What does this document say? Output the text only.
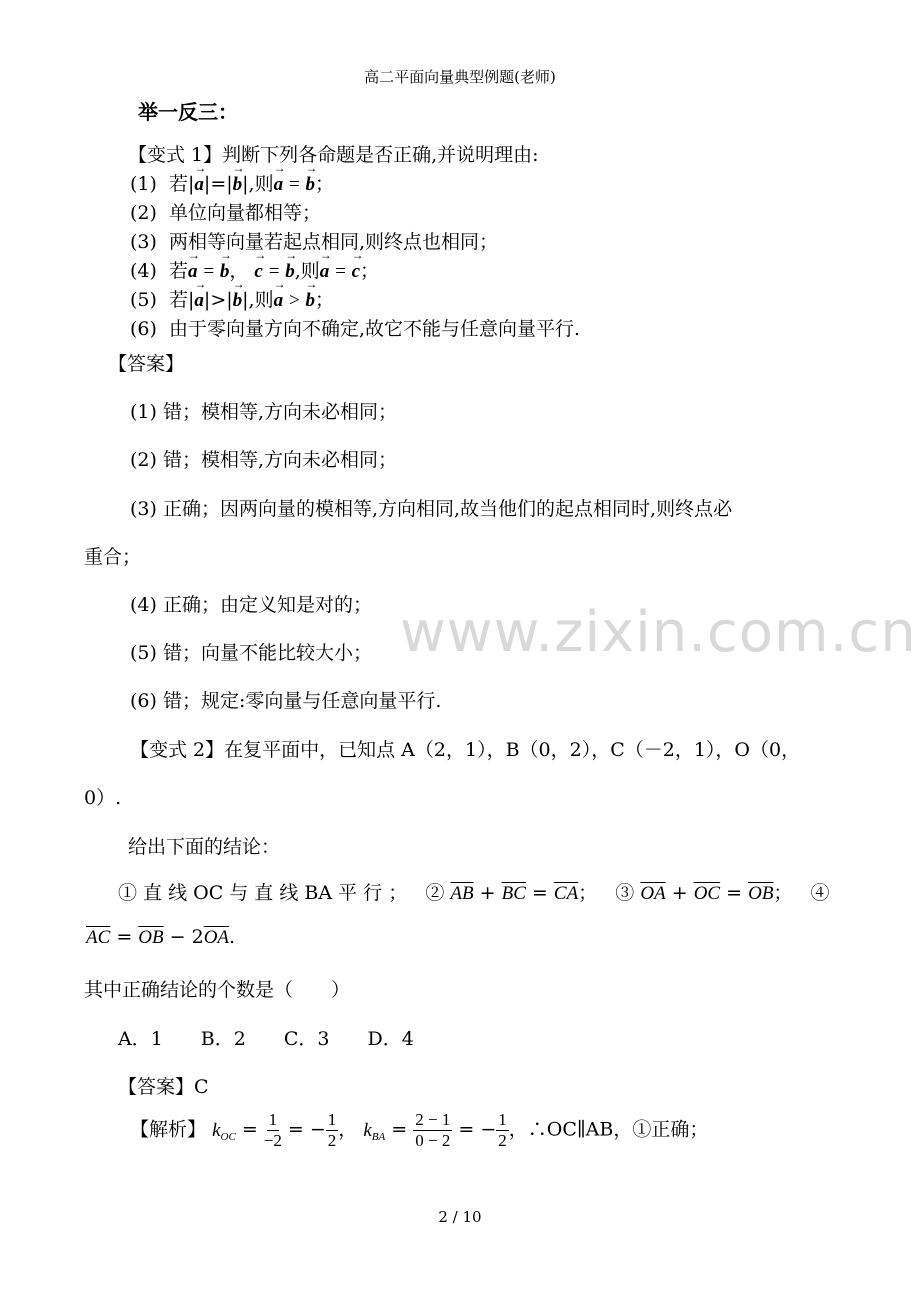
高二平面向量典型例题(老师)
举一反三：
【变式 1】判断下列各命题是否正确,并说明理由:
(1) 若|→ a|=|→ b|,则→ a = → b；
(2) 单位向量都相等；
(3) 两相等向量若起点相同,则终点也相同；
(4) 若→ a = → b， → c = → b,则→ a = → c；
(5) 若|→ a|>|→ b|,则→ a > → b；
(6) 由于零向量方向不确定,故它不能与任意向量平行.
【答案】
(1) 错；模相等,方向未必相同；
(2) 错；模相等,方向未必相同；
(3) 正确；因两向量的模相等,方向相同,故当他们的起点相同时,则终点必
重合；
(4) 正确；由定义知是对的；
(5) 错；向量不能比较大小；
(6) 错；规定:零向量与任意向量平行.
www.zixin.com.cn
【变式 2】在复平面中，已知点 A（2，1），B（0，2），C（－2，1），O（0，
0）.
给出下面的结论：
① 直 线 OC 与 直 线 BA 平 行 ； ② $\overline{AB} + \overline{BC} = \overline{CA}$；   ③ $\overline{OA} + \overline{OC} = \overline{OB}$；   ④
$\overline{AC} = \overline{OB} - 2\overline{OA}$.
其中正确结论的个数是（　　）
A．1　　B．2　　C．3　　D．4
【答案】C
【解析】 $k_{OC} = \frac{1}{-2}$ = − $\frac{1}{2}$ ， $k_{BA} = \frac{2 - 1}{0 - 2}$ = − $\frac{1}{2}$ ，∴OC∥AB，①正确；
2 / 10
